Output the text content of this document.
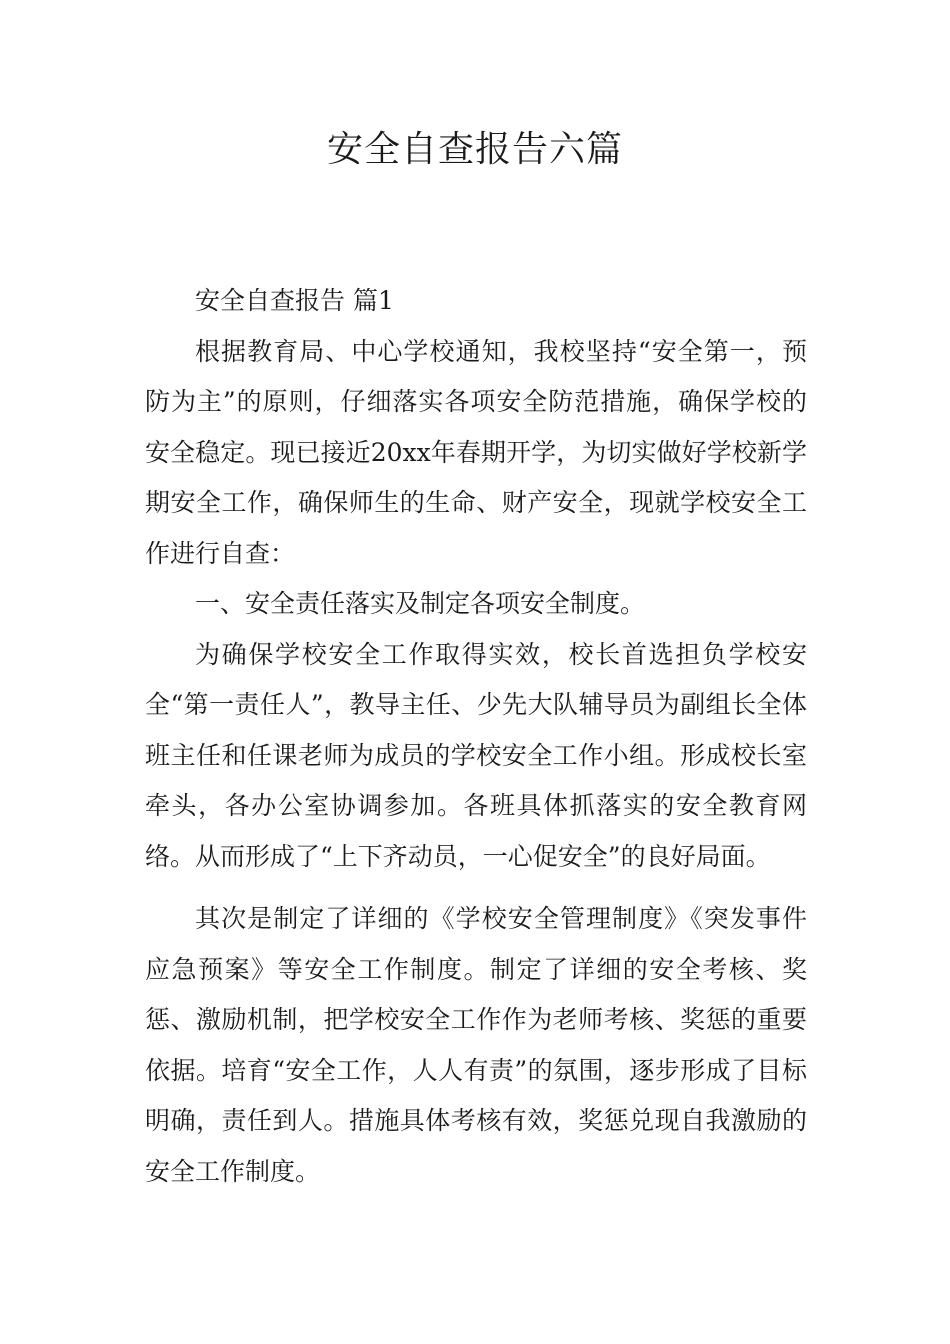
安全自查报告六篇

安全自查报告 篇1

根据教育局、中心学校通知，我校坚持“安全第一，预防为主”的原则，仔细落实各项安全防范措施，确保学校的安全稳定。现已接近20xx年春期开学，为切实做好学校新学期安全工作，确保师生的生命、财产安全，现就学校安全工作进行自查：

一、安全责任落实及制定各项安全制度。

为确保学校安全工作取得实效，校长首选担负学校安全“第一责任人”，教导主任、少先大队辅导员为副组长全体班主任和任课老师为成员的学校安全工作小组。形成校长室牵头，各办公室协调参加。各班具体抓落实的安全教育网络。从而形成了“上下齐动员，一心促安全”的良好局面。

其次是制定了详细的《学校安全管理制度》《突发事件应急预案》等安全工作制度。制定了详细的安全考核、奖惩、激励机制，把学校安全工作作为老师考核、奖惩的重要依据。培育“安全工作，人人有责”的氛围，逐步形成了目标明确，责任到人。措施具体考核有效，奖惩兑现自我激励的安全工作制度。
